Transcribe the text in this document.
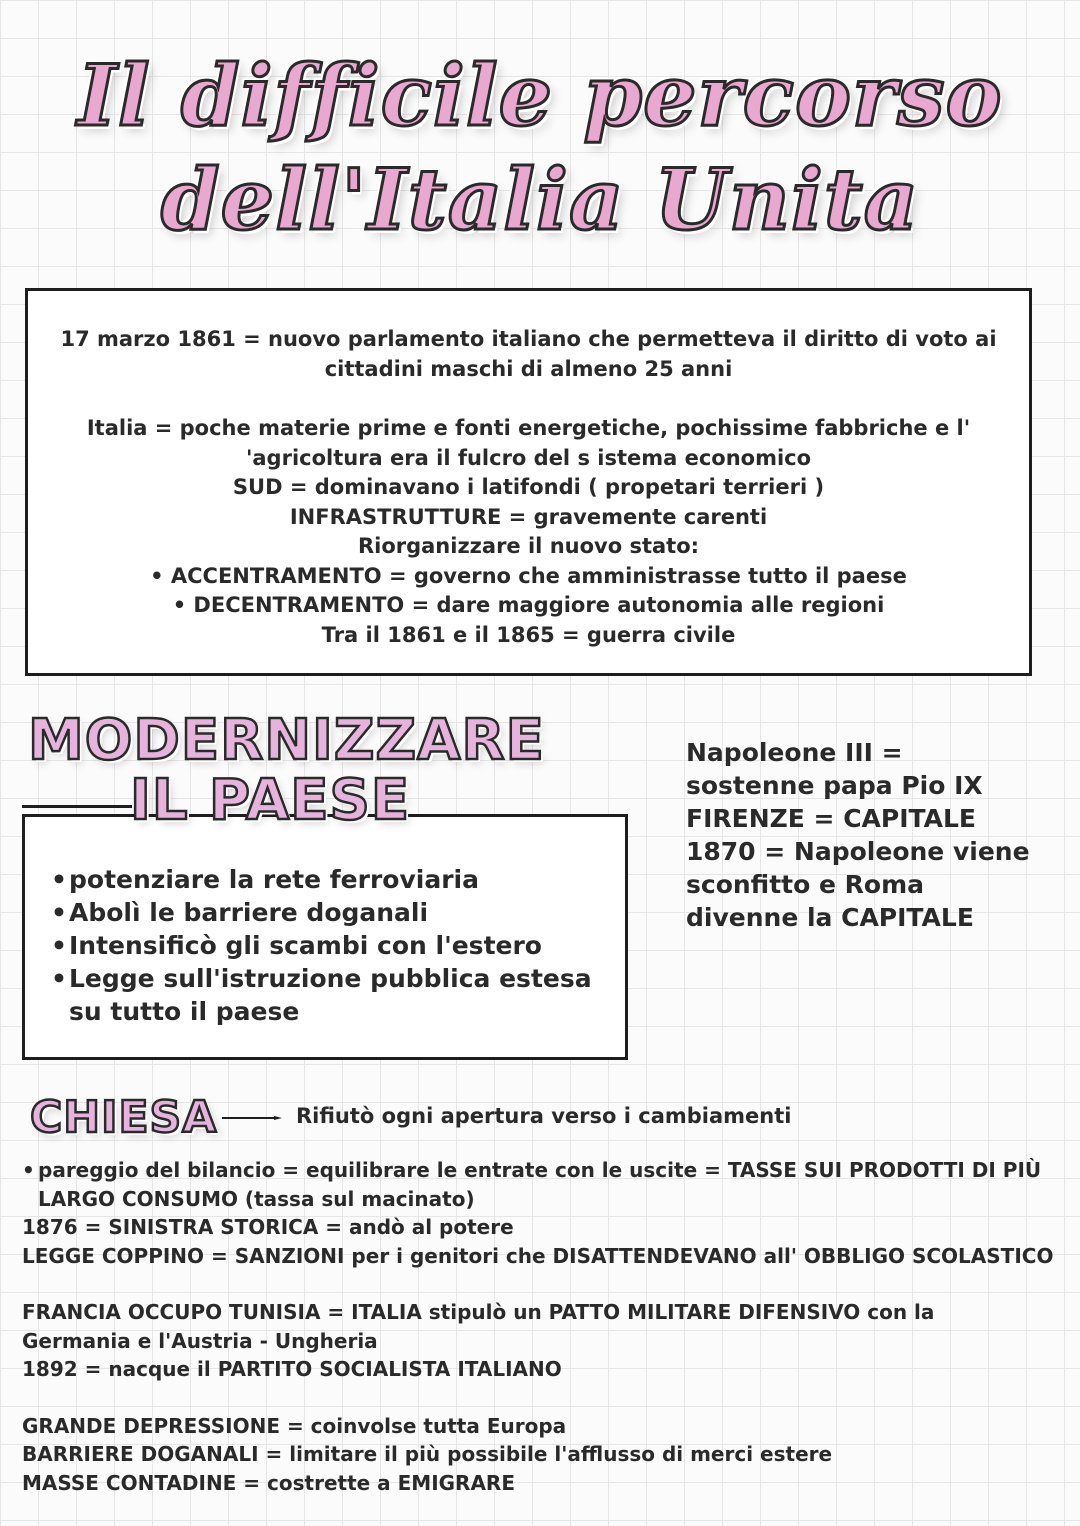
Il difficile percorso
dell'Italia Unita

17 marzo 1861 = nuovo parlamento italiano che permetteva il diritto di voto ai

cittadini maschi di almeno 25 anni

Italia = poche materie prime e fonti energetiche, pochissime fabbriche e l'

'agricoltura era il fulcro del s istema economico

SUD = dominavano i latifondi ( propetari terrieri )

INFRASTRUTTURE = gravemente carenti

Riorganizzare il nuovo stato:

• ACCENTRAMENTO = governo che amministrasse tutto il paese

• DECENTRAMENTO = dare maggiore autonomia alle regioni

Tra il 1861 e il 1865 = guerra civile

• potenziare la rete ferroviaria
• Abolì le barriere doganali
• Intensificò gli scambi con l'estero
• Legge sull'istruzione pubblica estesa su tutto il paese
MODERNIZZARE
IL PAESE

Napoleone III =

sostenne papa Pio IX

FIRENZE = CAPITALE

1870 = Napoleone viene

sconfitto e Roma

divenne la CAPITALE

CHIESA	Rifiutò ogni apertura verso i cambiamenti

• pareggio del bilancio = equilibrare le entrate con le uscite = TASSE SUI PRODOTTI DI PIÙ

LARGO CONSUMO (tassa sul macinato)

1876 = SINISTRA STORICA = andò al potere

LEGGE COPPINO = SANZIONI per i genitori che DISATTENDEVANO all' OBBLIGO SCOLASTICO

FRANCIA OCCUPO TUNISIA = ITALIA stipulò un PATTO MILITARE DIFENSIVO con la

Germania e l'Austria - Ungheria

1892 = nacque il PARTITO SOCIALISTA ITALIANO

GRANDE DEPRESSIONE = coinvolse tutta Europa

BARRIERE DOGANALI = limitare il più possibile l'afflusso di merci estere

MASSE CONTADINE = costrette a EMIGRARE
